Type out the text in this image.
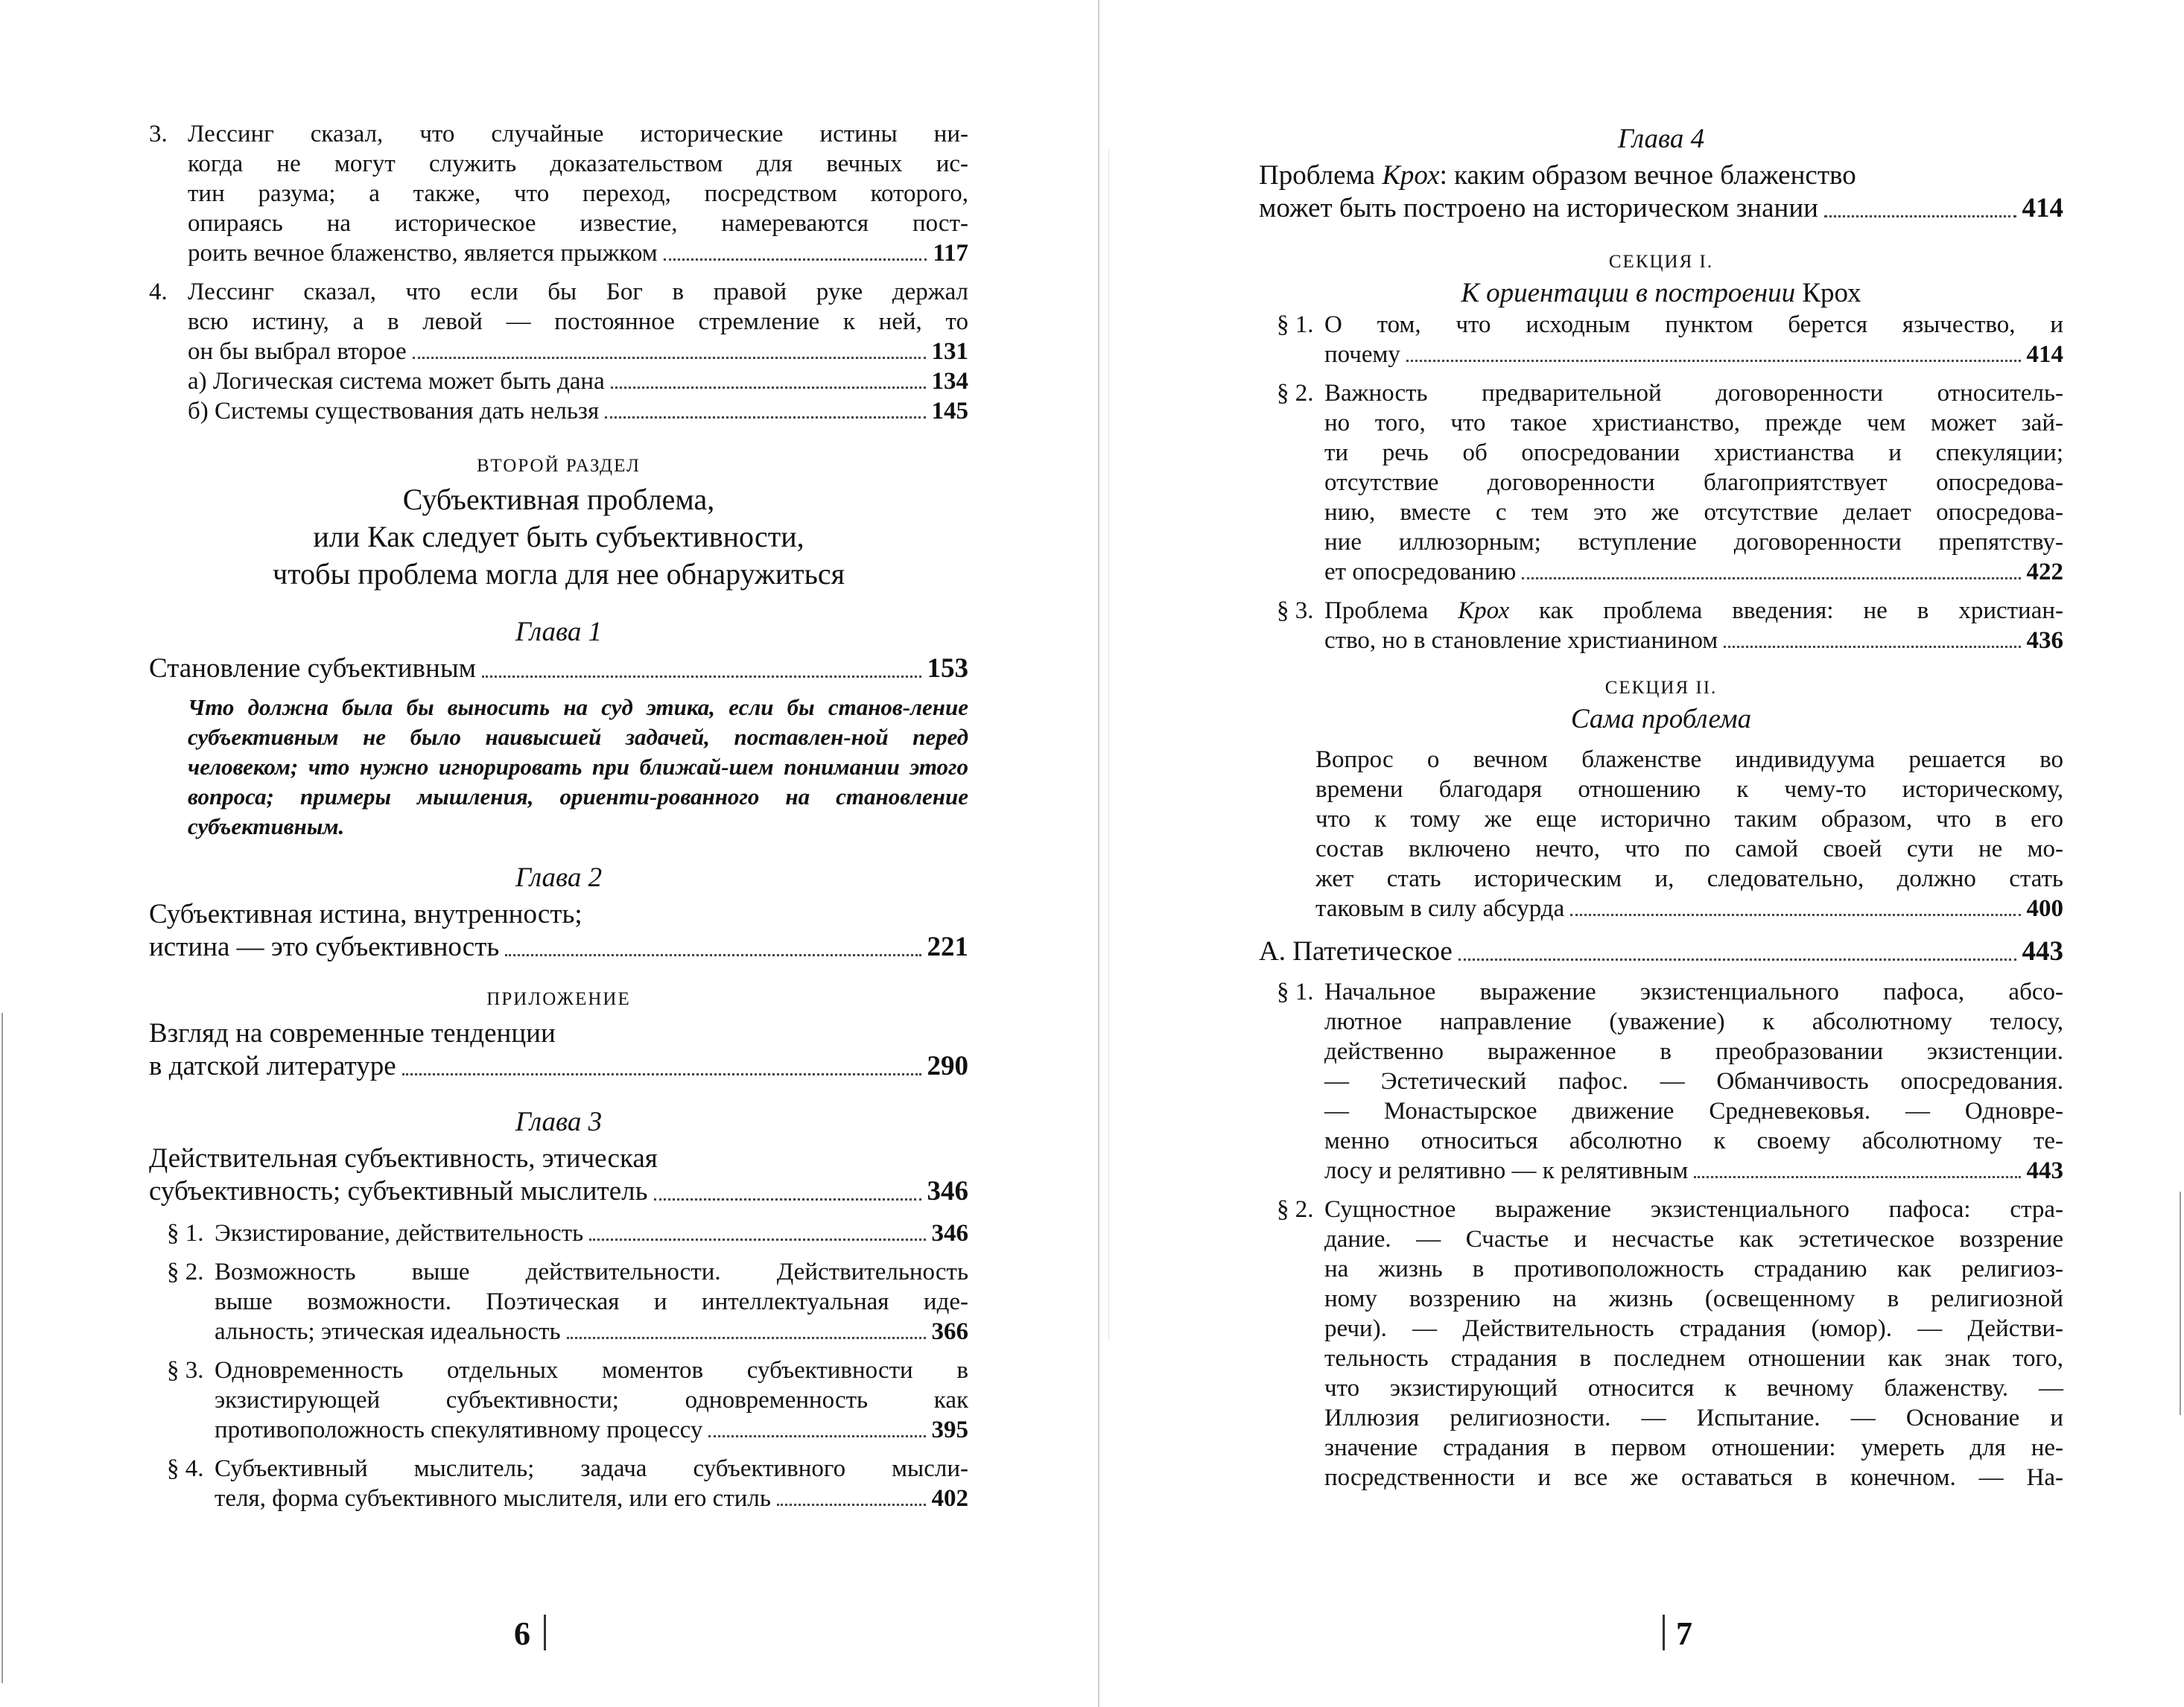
3. Лессинг сказал, что случайные исторические истины ни-
когда не могут служить доказательством для вечных ис-
тин разума; а также, что переход, посредством которого,
опираясь на историческое известие, намереваются пост-
роить вечное блаженство, является прыжком	117
4. Лессинг сказал, что если бы Бог в правой руке держал
всю истину, а в левой — постоянное стремление к ней, то
он бы выбрал второе	131
а) Логическая система может быть дана	134
б) Системы существования дать нельзя	145
ВТОРОЙ РАЗДЕЛ
Субъективная проблема,
или Как следует быть субъективности,
чтобы проблема могла для нее обнаружиться
Глава 1
Становление субъективным	153
Что должна была бы выносить на суд этика, если бы станов-ление субъективным не было наивысшей задачей, поставлен-ной перед человеком; что нужно игнорировать при ближай-шем понимании этого вопроса; примеры мышления, ориенти-рованного на становление субъективным.
Глава 2
Субъективная истина, внутренность;
истина — это субъективность	221
ПРИЛОЖЕНИЕ
Взгляд на современные тенденции
в датской литературе	290
Глава 3
Действительная субъективность, этическая
субъективность; субъективный мыслитель	346
§ 1. Экзистирование, действительность	346
§ 2. Возможность выше действительности. Действительность
выше возможности. Поэтическая и интеллектуальная иде-
альность; этическая идеальность	366
§ 3. Одновременность отдельных моментов субъективности в
экзистирующей субъективности; одновременность как
противоположность спекулятивному процессу	395
§ 4. Субъективный мыслитель; задача субъективного мысли-
теля, форма субъективного мыслителя, или его стиль	402
6
Глава 4
Проблема Крох: каким образом вечное блаженство
может быть построено на историческом знании	414
СЕКЦИЯ I.
К ориентации в построении Крох
§ 1. О том, что исходным пунктом берется язычество, и
почему	414
§ 2. Важность предварительной договоренности относитель-
но того, что такое христианство, прежде чем может зай-
ти речь об опосредовании христианства и спекуляции;
отсутствие договоренности благоприятствует опосредова-
нию, вместе с тем это же отсутствие делает опосредова-
ние иллюзорным; вступление договоренности препятству-
ет опосредованию	422
§ 3. Проблема Крох как проблема введения: не в христиан-
ство, но в становление христианином	436
СЕКЦИЯ II.
Сама проблема
Вопрос о вечном блаженстве индивидуума решается во
времени благодаря отношению к чему-то историческому,
что к тому же еще исторично таким образом, что в его
состав включено нечто, что по самой своей сути не мо-
жет стать историческим и, следовательно, должно стать
таковым в силу абсурда	400
А. Патетическое	443
§ 1. Начальное выражение экзистенциального пафоса, абсо-
лютное направление (уважение) к абсолютному телосу,
действенно выраженное в преобразовании экзистенции.
— Эстетический пафос. — Обманчивость опосредования.
— Монастырское движение Средневековья. — Одновре-
менно относиться абсолютно к своему абсолютному те-
лосу и релятивно — к релятивным	443
§ 2. Сущностное выражение экзистенциального пафоса: стра-
дание. — Счастье и несчастье как эстетическое воззрение
на жизнь в противоположность страданию как религиоз-
ному воззрению на жизнь (освещенному в религиозной
речи). — Действительность страдания (юмор). — Действи-
тельность страдания в последнем отношении как знак того,
что экзистирующий относится к вечному блаженству. —
Иллюзия религиозности. — Испытание. — Основание и
значение страдания в первом отношении: умереть для не-
посредственности и все же оставаться в конечном. — На-
7
